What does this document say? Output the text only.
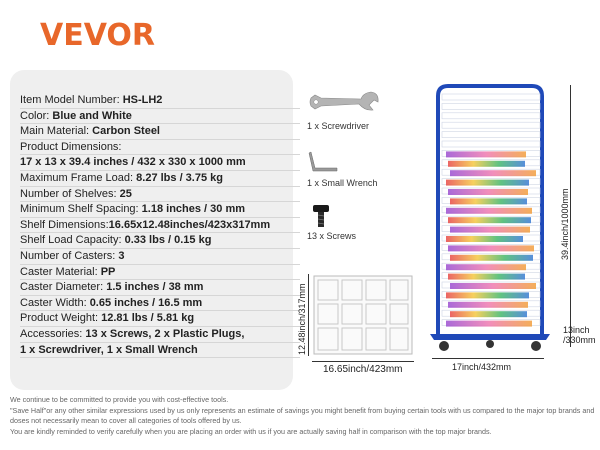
VEVOR
Item Model Number: HS-LH2
Color: Blue and White
Main Material: Carbon Steel
Product Dimensions:
17 x 13 x 39.4 inches / 432 x 330 x 1000 mm
Maximum Frame Load: 8.27 lbs / 3.75 kg
Number of Shelves: 25
Minimum Shelf Spacing: 1.18 inches / 30 mm
Shelf Dimensions:16.65x12.48inches/423x317mm
Shelf Load Capacity: 0.33 lbs / 0.15 kg
Number of Casters: 3
Caster Material: PP
Caster Diameter: 1.5 inches / 38 mm
Caster Width: 0.65 inches / 16.5 mm
Product Weight: 12.81 lbs / 5.81 kg
Accessories: 13 x Screws, 2 x Plastic Plugs,
1 x Screwdriver, 1 x Small Wrench
1 x Screwdriver
1 x Small Wrench
13 x Screws
12.48inch/317mm
16.65inch/423mm
39.4inch/1000mm
17inch/432mm
13inch
/330mm
We continue to be committed to provide you with cost-effective tools.
"Save Half"or any other similar expressions used by us only represents an estimate of savings you might benefit from buying certain tools with us compared to the major top brands and doses not necessarily mean to cover all categories of tools offered by us.
You are kindly reminded to verify carefully when you are placing an order with us if you are actually saving half in comparison with the top major brands.
